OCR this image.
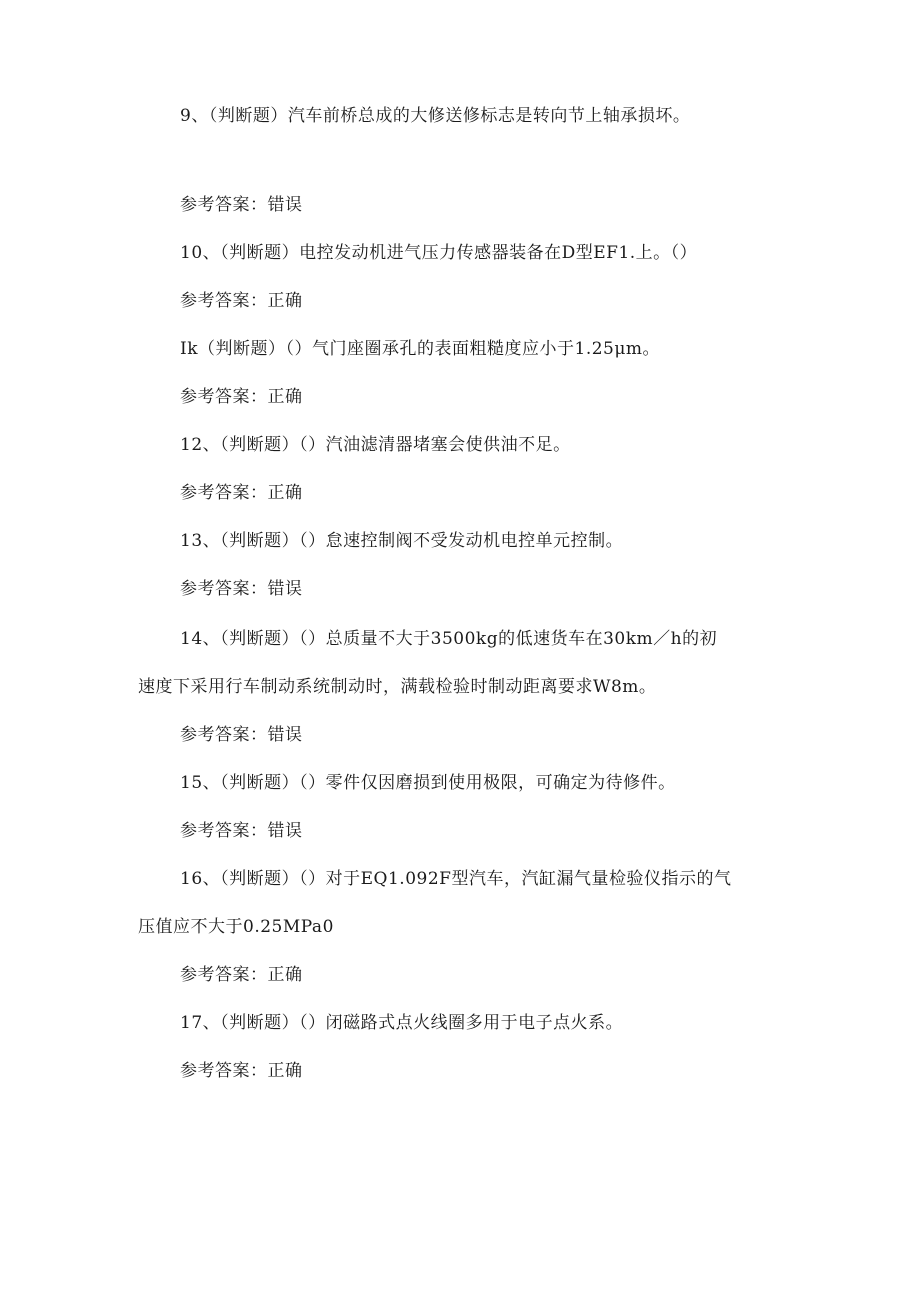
9、（判断题）汽车前桥总成的大修送修标志是转向节上轴承损坏。
参考答案：错误
10、（判断题）电控发动机进气压力传感器装备在D型EF1.上。（）
参考答案：正确
Ik（判断题）（）气门座圈承孔的表面粗糙度应小于1.25μm。
参考答案：正确
12、（判断题）（）汽油滤清器堵塞会使供油不足。
参考答案：正确
13、（判断题）（）怠速控制阀不受发动机电控单元控制。
参考答案：错误
14、（判断题）（）总质量不大于3500kg的低速货车在30km／h的初
速度下采用行车制动系统制动时，满载检验时制动距离要求W8m。
参考答案：错误
15、（判断题）（）零件仅因磨损到使用极限，可确定为待修件。
参考答案：错误
16、（判断题）（）对于EQ1.092F型汽车，汽缸漏气量检验仪指示的气
压值应不大于0.25MPa0
参考答案：正确
17、（判断题）（）闭磁路式点火线圈多用于电子点火系。
参考答案：正确
